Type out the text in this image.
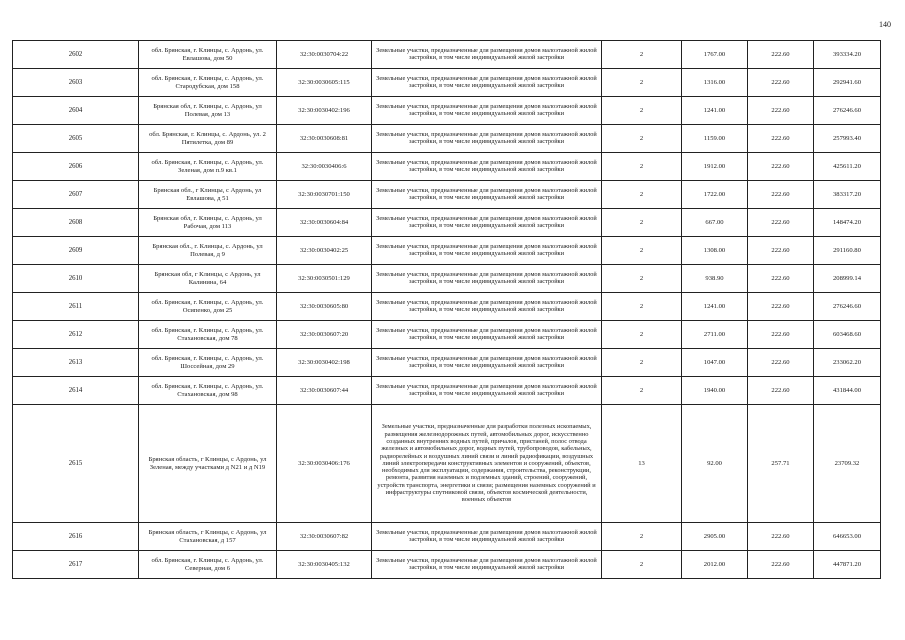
140
2602	обл. Брянская, г. Клинцы, с. Ардонь, ул. Евлашова, дом 50	32:30:0030704:22	Земельные участки, предназначенные для размещения домов малоэтажной жилой застройки, в том числе индивидуальной жилой застройки	2	1767.00	222.60	393334.20
2603	обл. Брянская, г. Клинцы, с. Ардонь, ул. Стародубская, дом 158	32:30:0030605:115	Земельные участки, предназначенные для размещения домов малоэтажной жилой застройки, в том числе индивидуальной жилой застройки	2	1316.00	222.60	292941.60
2604	Брянская обл, г. Клинцы, с. Ардонь, ул Полевая, дом 13	32:30:0030402:196	Земельные участки, предназначенные для размещения домов малоэтажной жилой застройки, в том числе индивидуальной жилой застройки	2	1241.00	222.60	276246.60
2605	обл. Брянская, г. Клинцы, с. Ардонь, ул. 2 Пятилетка, дом 89	32:30:0030608:81	Земельные участки, предназначенные для размещения домов малоэтажной жилой застройки, в том числе индивидуальной жилой застройки	2	1159.00	222.60	257993.40
2606	обл. Брянская, г. Клинцы, с. Ардонь, ул. Зеленая, дом п.9 кв.1	32:30:0030406:6	Земельные участки, предназначенные для размещения домов малоэтажной жилой застройки, в том числе индивидуальной жилой застройки	2	1912.00	222.60	425611.20
2607	Брянская обл., г Клинцы, с Ардонь, ул Евлашова, д 51	32:30:0030701:150	Земельные участки, предназначенные для размещения домов малоэтажной жилой застройки, в том числе индивидуальной жилой застройки	2	1722.00	222.60	383317.20
2608	Брянская обл, г. Клинцы, с. Ардонь, ул Рабочая, дом 113	32:30:0030604:84	Земельные участки, предназначенные для размещения домов малоэтажной жилой застройки, в том числе индивидуальной жилой застройки	2	667.00	222.60	148474.20
2609	Брянская обл., г. Клинцы, с. Ардонь, ул Полевая, д 9	32:30:0030402:25	Земельные участки, предназначенные для размещения домов малоэтажной жилой застройки, в том числе индивидуальной жилой застройки	2	1308.00	222.60	291160.80
2610	Брянская обл, г Клинцы, с Ардонь, ул Калинина, 64	32:30:0030501:129	Земельные участки, предназначенные для размещения домов малоэтажной жилой застройки, в том числе индивидуальной жилой застройки	2	938.90	222.60	208999.14
2611	обл. Брянская, г. Клинцы, с. Ардонь, ул. Осипенко, дом 25	32:30:0030605:80	Земельные участки, предназначенные для размещения домов малоэтажной жилой застройки, в том числе индивидуальной жилой застройки	2	1241.00	222.60	276246.60
2612	обл. Брянская, г. Клинцы, с. Ардонь, ул. Стахановская, дом 78	32:30:0030607:20	Земельные участки, предназначенные для размещения домов малоэтажной жилой застройки, в том числе индивидуальной жилой застройки	2	2711.00	222.60	603468.60
2613	обл. Брянская, г. Клинцы, с. Ардонь, ул. Шоссейная, дом 29	32:30:0030402:198	Земельные участки, предназначенные для размещения домов малоэтажной жилой застройки, в том числе индивидуальной жилой застройки	2	1047.00	222.60	233062.20
2614	обл. Брянская, г. Клинцы, с. Ардонь, ул. Стахановская, дом 98	32:30:0030607:44	Земельные участки, предназначенные для размещения домов малоэтажной жилой застройки, в том числе индивидуальной жилой застройки	2	1940.00	222.60	431844.00
2615	Брянская область, г Клинцы, с Ардонь, ул Зеленая, между участками д N21 и д N19	32:30:0030406:176	Земельные участки, предназначенные для разработки полезных ископаемых, размещения железнодорожных путей, автомобильных дорог, искусственно созданных внутренних водных путей, причалов, пристаней, полос отвода железных и автомобильных дорог, водных путей, трубопроводов, кабельных, радиорелейных и воздушных линий связи и линий радиофикации, воздушных линий электропередачи конструктивных элементов и сооружений, объектов, необходимых для эксплуатации, содержания, строительства, реконструкции, ремонта, развития наземных и подземных зданий, строений, сооружений, устройств транспорта, энергетики и связи; размещения наземных сооружений и инфраструктуры спутниковой связи, объектов космической деятельности, военных объектов	13	92.00	257.71	23709.32
2616	Брянская область, г Клинцы, с Ардонь, ул Стахановская, д 157	32:30:0030607:82	Земельные участки, предназначенные для размещения домов малоэтажной жилой застройки, в том числе индивидуальной жилой застройки	2	2905.00	222.60	646653.00
2617	обл. Брянская, г. Клинцы, с. Ардонь, ул. Северная, дом 6	32:30:0030405:132	Земельные участки, предназначенные для размещения домов малоэтажной жилой застройки, в том числе индивидуальной жилой застройки	2	2012.00	222.60	447871.20
